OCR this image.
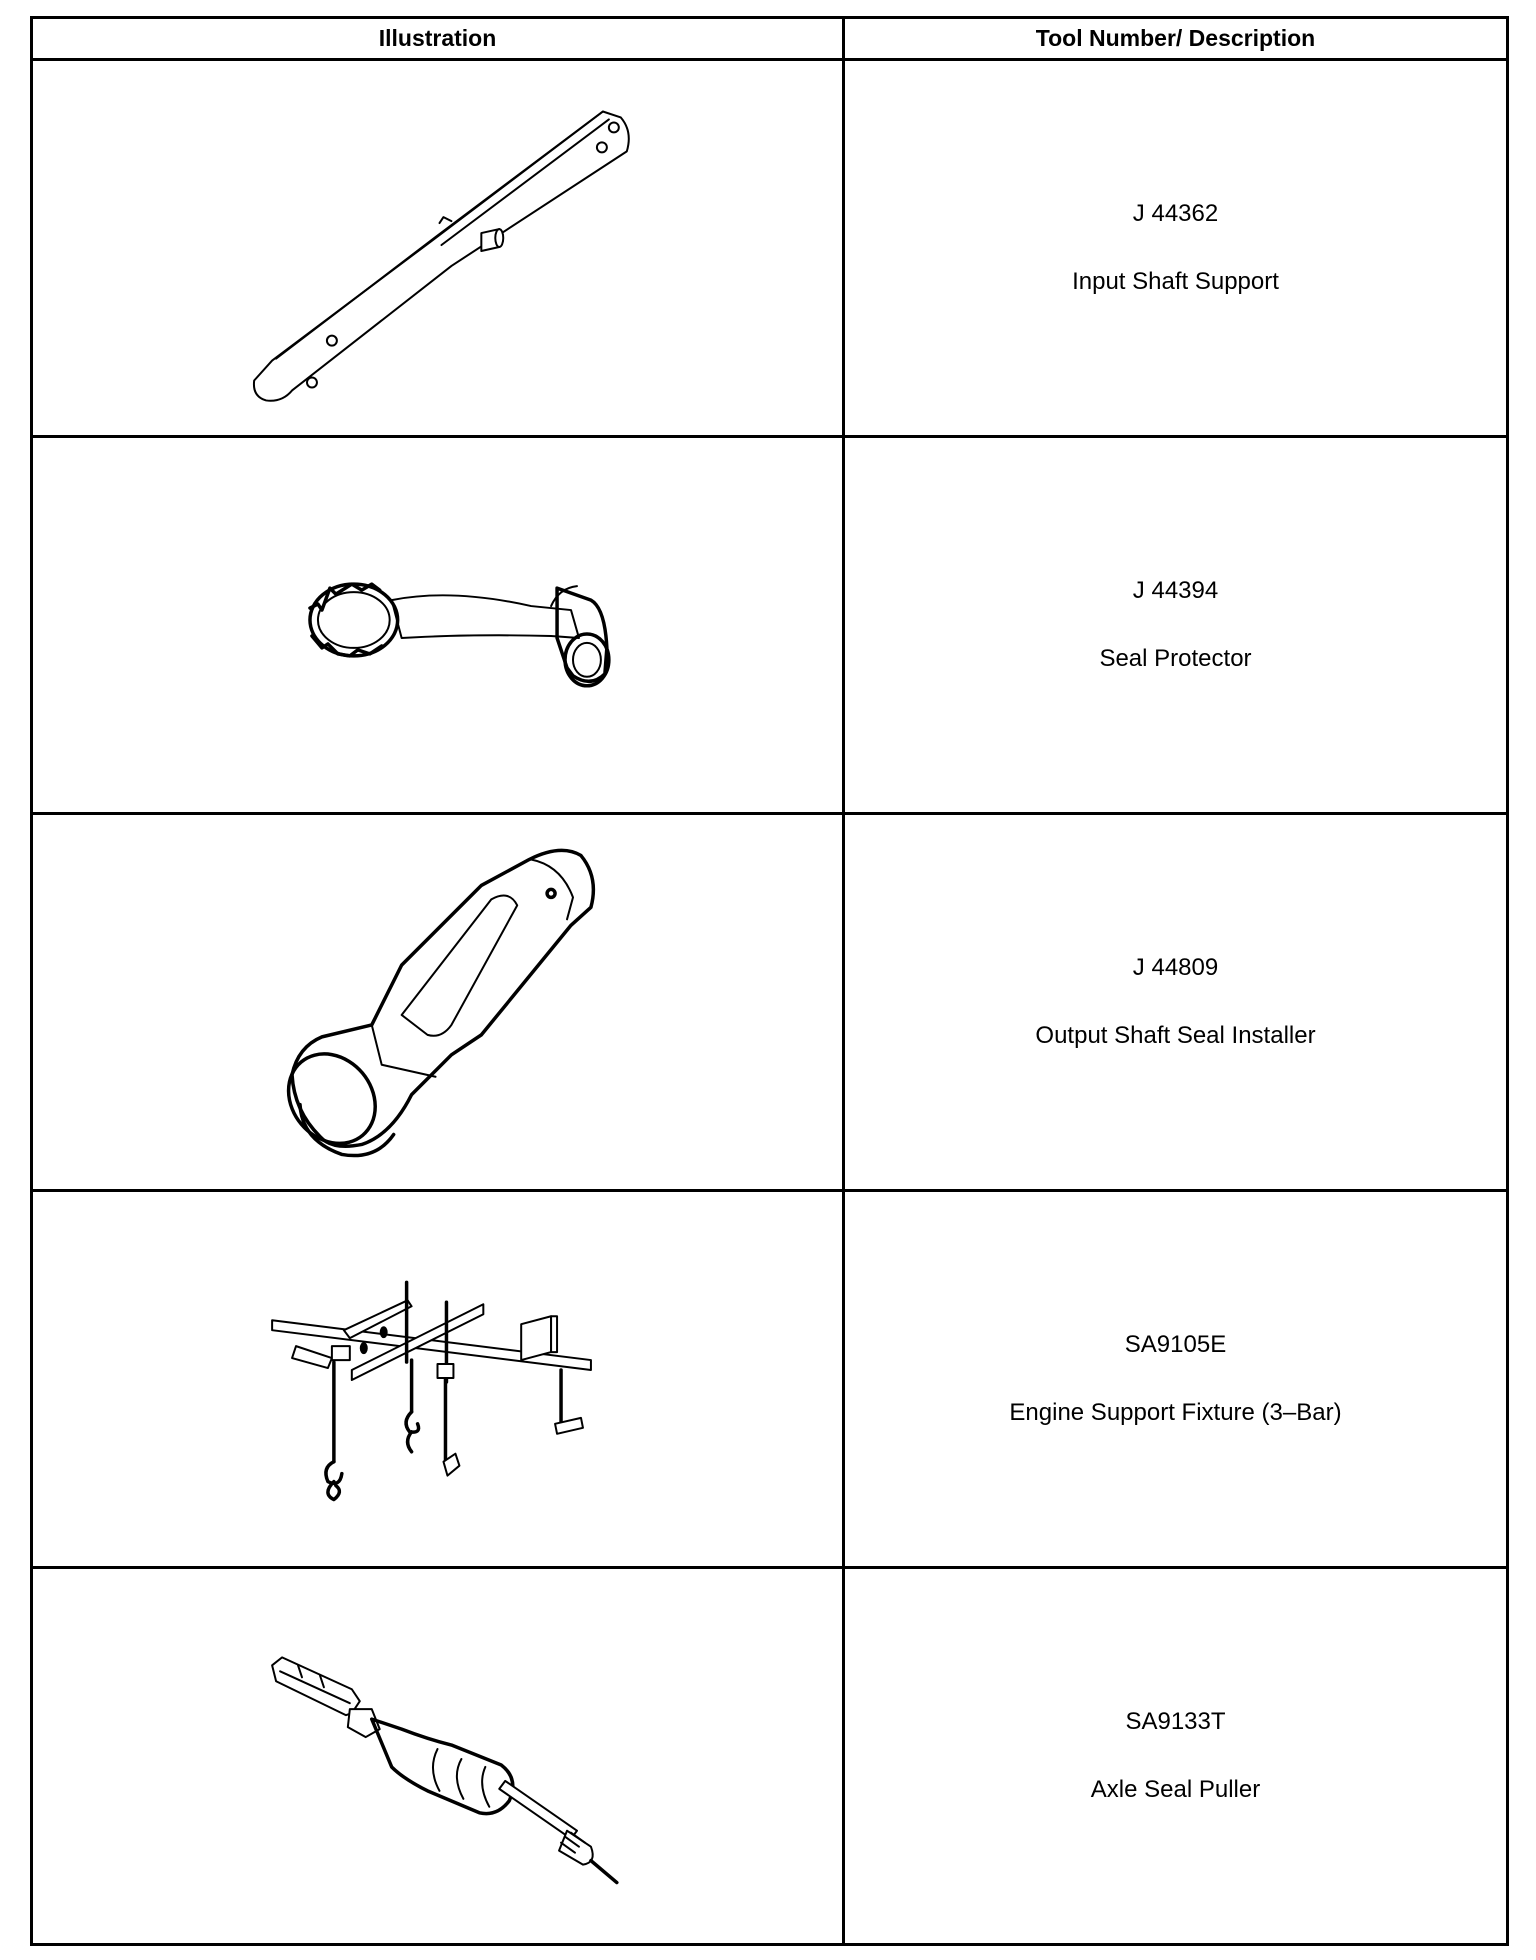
Illustration	Tool Number/ Description

J 44362
Input Shaft Support

J 44394
Seal Protector

J 44809
Output Shaft Seal Installer

SA9105E
Engine Support Fixture (3–Bar)

SA9133T
Axle Seal Puller
